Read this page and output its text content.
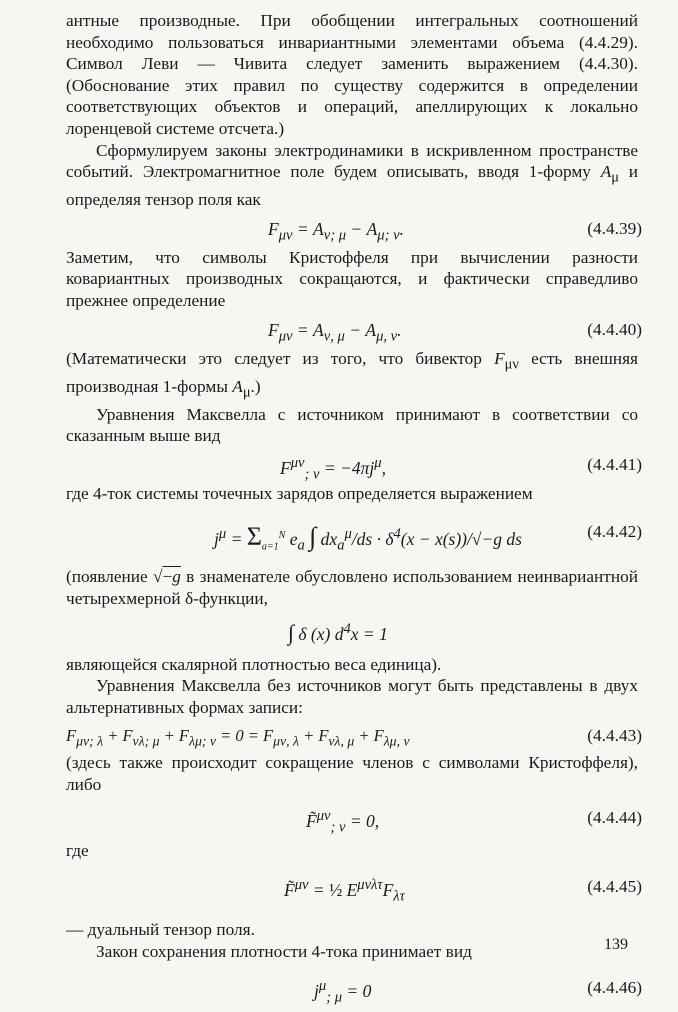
антные производные. При обобщении интегральных соотношений необходимо пользоваться инвариантными элементами объема (4.4.29). Символ Леви — Чивита следует заменить выражением (4.4.30). (Обоснование этих правил по существу содержится в определении соответствующих объектов и операций, апеллирующих к локально лоренцевой системе отсчета.)

Сформулируем законы электродинамики в искривленном пространстве событий. Электромагнитное поле будем описывать, вводя 1-форму $A_\mu$ и определяя тензор поля как

$F_{\mu\nu} = A_{\nu; \mu} - A_{\mu; \nu}$.	(4.4.39)

Заметим, что символы Кристоффеля при вычислении разности ковариантных производных сокращаются, и фактически справедливо прежнее определение

$F_{\mu\nu} = A_{\nu, \mu} - A_{\mu, \nu}$.	(4.4.40)

(Математически это следует из того, что бивектор $F_{\mu\nu}$ есть внешняя производная 1-формы $A_\mu$.)

Уравнения Максвелла с источником принимают в соответствии со сказанным выше вид

$F^{\mu\nu}_{; \nu} = -4\pi j^\mu$,	(4.4.41)

где 4-ток системы точечных зарядов определяется выражением

$j^\mu = \Sigma_{a=1}^N$ $e_a$ ∫ $dx_a^\mu/ds \cdot \delta^4(x - x(s))/√-g$ ds	(4.4.42)

(появление √−g в знаменателе обусловлено использованием неинвариантной четырехмерной δ-функции,

∫ δ (x) $d^4x = 1$

являющейся скалярной плотностью веса единица).

Уравнения Максвелла без источников могут быть представлены в двух альтернативных формах записи:

$F_{\mu\nu; \lambda} + F_{\nu\lambda; \mu} + F_{\lambda\mu; \nu} = 0 = F_{\mu\nu, \lambda} + F_{\nu\lambda, \mu} + F_{\lambda\mu, \nu}$	(4.4.43)

(здесь также происходит сокращение членов с символами Кристоффеля), либо

F̃$^{\mu\nu}_{; \nu}$ = 0,	(4.4.44)

где

F̃$^{\mu\nu}$ = ½ $E^{\mu\nu\lambda\tau}F_{\lambda\tau}$
(4.4.45)

— дуальный тензор поля.

Закон сохранения плотности 4-тока принимает вид

$j^\mu_{; \mu} = 0$	(4.4.46)
139
